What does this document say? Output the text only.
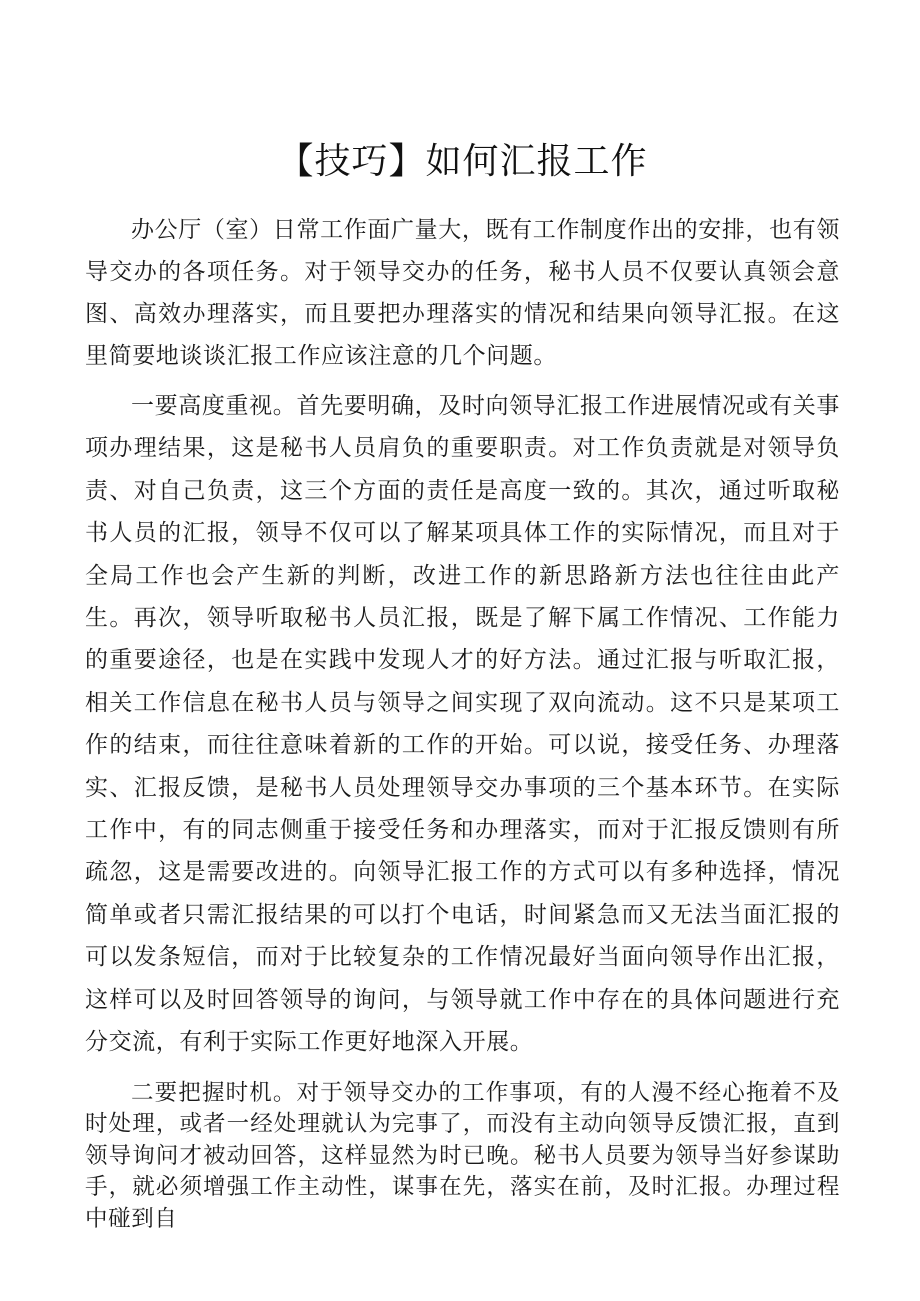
【技巧】如何汇报工作

办公厅（室）日常工作面广量大，既有工作制度作出的安排，也有领导交办的各项任务。对于领导交办的任务，秘书人员不仅要认真领会意图、高效办理落实，而且要把办理落实的情况和结果向领导汇报。在这里简要地谈谈汇报工作应该注意的几个问题。

一要高度重视。首先要明确，及时向领导汇报工作进展情况或有关事项办理结果，这是秘书人员肩负的重要职责。对工作负责就是对领导负责、对自己负责，这三个方面的责任是高度一致的。其次，通过听取秘书人员的汇报，领导不仅可以了解某项具体工作的实际情况，而且对于全局工作也会产生新的判断，改进工作的新思路新方法也往往由此产生。再次，领导听取秘书人员汇报，既是了解下属工作情况、工作能力的重要途径，也是在实践中发现人才的好方法。通过汇报与听取汇报，相关工作信息在秘书人员与领导之间实现了双向流动。这不只是某项工作的结束，而往往意味着新的工作的开始。可以说，接受任务、办理落实、汇报反馈，是秘书人员处理领导交办事项的三个基本环节。在实际工作中，有的同志侧重于接受任务和办理落实，而对于汇报反馈则有所疏忽，这是需要改进的。向领导汇报工作的方式可以有多种选择，情况简单或者只需汇报结果的可以打个电话，时间紧急而又无法当面汇报的可以发条短信，而对于比较复杂的工作情况最好当面向领导作出汇报，这样可以及时回答领导的询问，与领导就工作中存在的具体问题进行充分交流，有利于实际工作更好地深入开展。

二要把握时机。对于领导交办的工作事项，有的人漫不经心拖着不及时处理，或者一经处理就认为完事了，而没有主动向领导反馈汇报，直到领导询问才被动回答，这样显然为时已晚。秘书人员要为领导当好参谋助手，就必须增强工作主动性，谋事在先，落实在前，及时汇报。办理过程中碰到自
